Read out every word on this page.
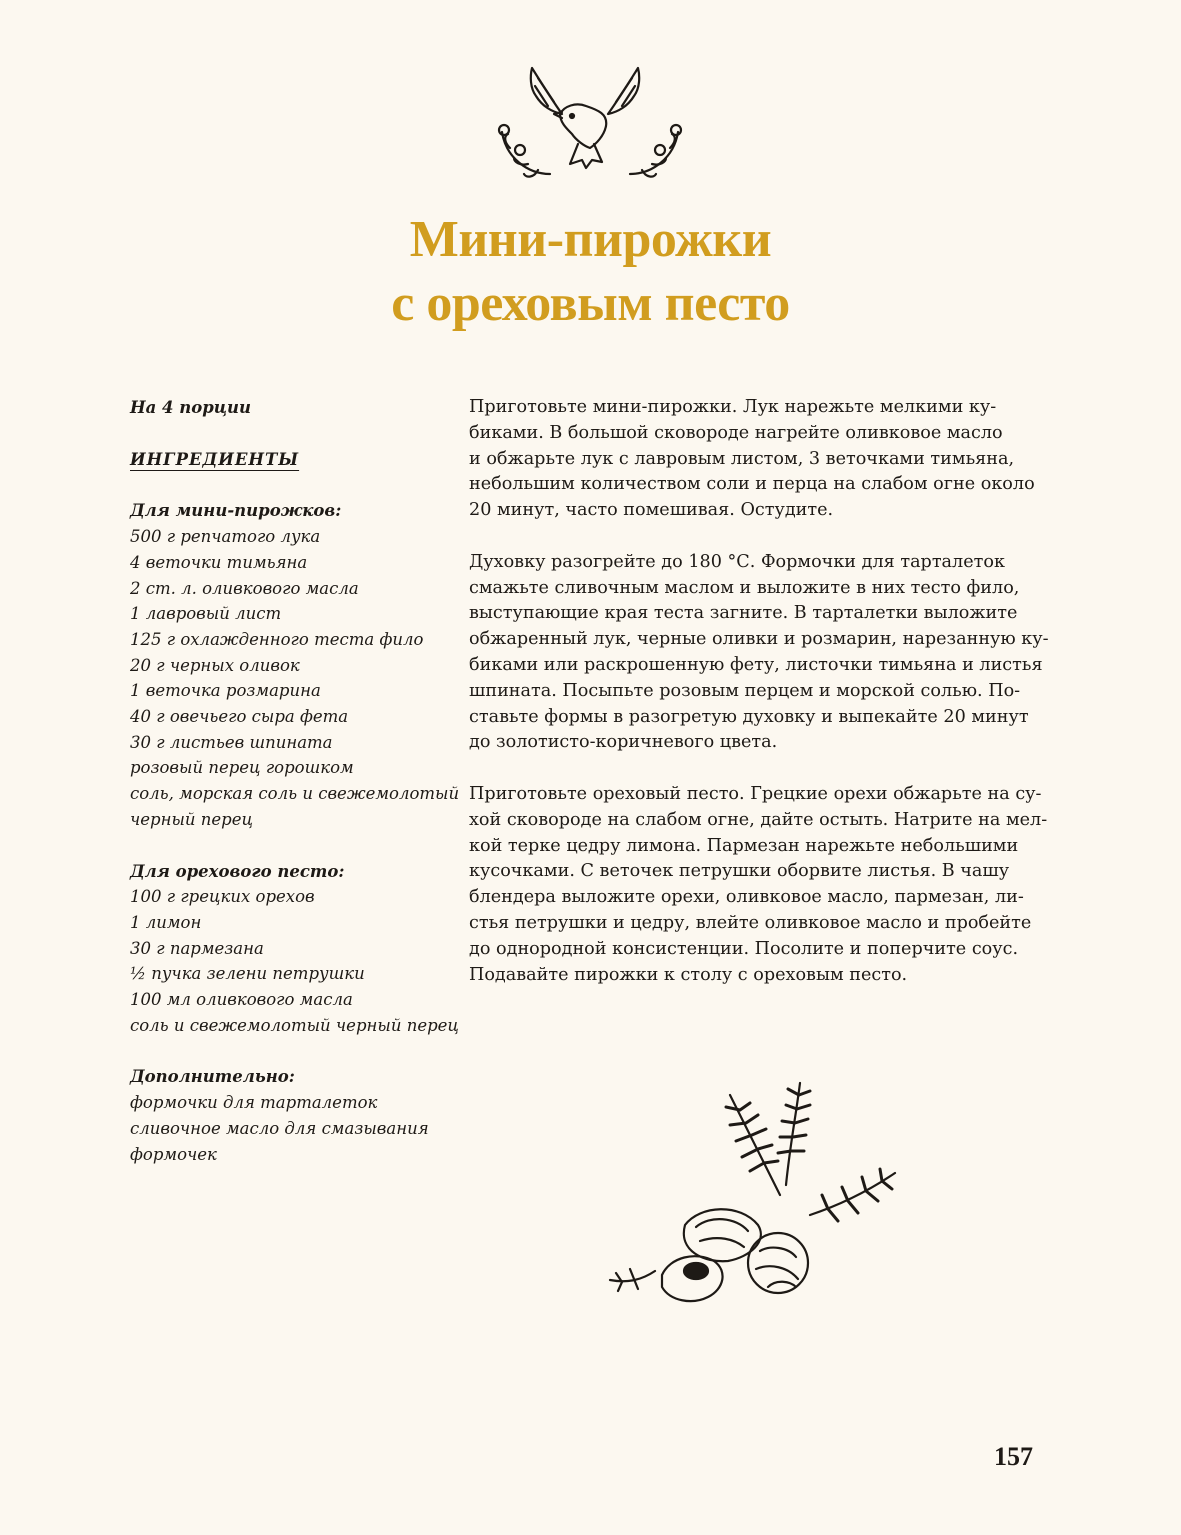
Мини-пирожки
с ореховым песто
На 4 порции
ИНГРЕДИЕНТЫ
Для мини-пирожков:
500 г репчатого лука
4 веточки тимьяна
2 ст. л. оливкового масла
1 лавровый лист
125 г охлажденного теста фило
20 г черных оливок
1 веточка розмарина
40 г овечьего сыра фета
30 г листьев шпината
розовый перец горошком
соль, морская соль и свежемолотый
черный перец
Для орехового песто:
100 г грецких орехов
1 лимон
30 г пармезана
½ пучка зелени петрушки
100 мл оливкового масла
соль и свежемолотый черный перец
Дополнительно:
формочки для тарталеток
сливочное масло для смазывания
формочек
Приготовьте мини-пирожки. Лук нарежьте мелкими ку-
биками. В большой сковороде нагрейте оливковое масло
и обжарьте лук с лавровым листом, 3 веточками тимьяна,
небольшим количеством соли и перца на слабом огне около
20 минут, часто помешивая. Остудите.
Духовку разогрейте до 180 °С. Формочки для тарталеток
смажьте сливочным маслом и выложите в них тесто фило,
выступающие края теста загните. В тарталетки выложите
обжаренный лук, черные оливки и розмарин, нарезанную ку-
биками или раскрошенную фету, листочки тимьяна и листья
шпината. Посыпьте розовым перцем и морской солью. По-
ставьте формы в разогретую духовку и выпекайте 20 минут
до золотисто-коричневого цвета.
Приготовьте ореховый песто. Грецкие орехи обжарьте на су-
хой сковороде на слабом огне, дайте остыть. Натрите на мел-
кой терке цедру лимона. Пармезан нарежьте небольшими
кусочками. С веточек петрушки оборвите листья. В чашу
блендера выложите орехи, оливковое масло, пармезан, ли-
стья петрушки и цедру, влейте оливковое масло и пробейте
до однородной консистенции. Посолите и поперчите соус.
Подавайте пирожки к столу с ореховым песто.
157
